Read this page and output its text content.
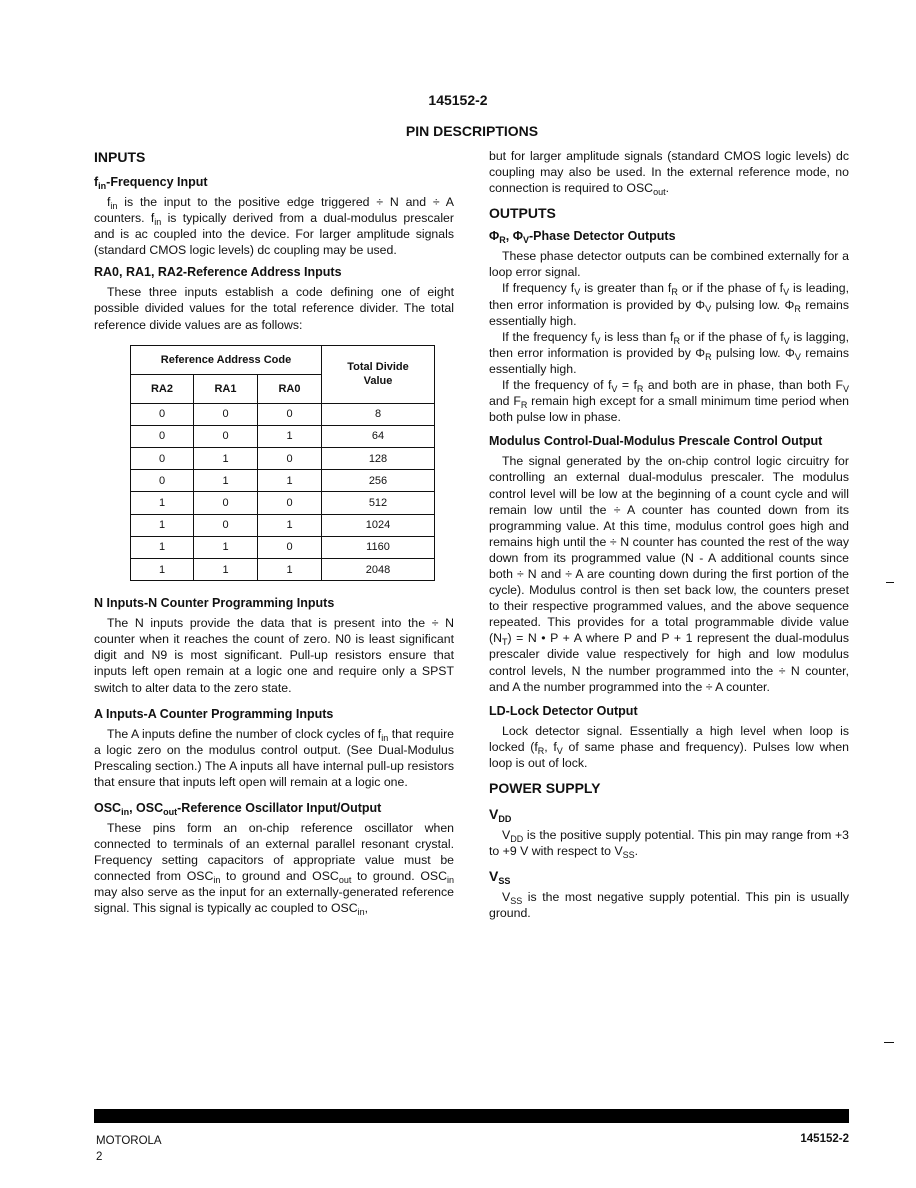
145152-2
PIN DESCRIPTIONS
INPUTS
$f_{in}$-Frequency Input

$f_{in}$ is the input to the positive edge triggered ÷ N and ÷ A counters. $f_{in}$ is typically derived from a dual-modulus prescaler and is ac coupled into the device. For larger amplitude signals (standard CMOS logic levels) dc coupling may be used.

RA0, RA1, RA2-Reference Address Inputs

These three inputs establish a code defining one of eight possible divided values for the total reference divider. The total reference divide values are as follows:

Reference Address Code			Total Divide Value
RA2	RA1	RA0	
0	0	0	8
0	0	1	64
0	1	0	128
0	1	1	256
1	0	0	512
1	0	1	1024
1	1	0	1160
1	1	1	2048
N Inputs-N Counter Programming Inputs

The N inputs provide the data that is present into the ÷ N counter when it reaches the count of zero. N0 is least significant digit and N9 is most significant. Pull-up resistors ensure that inputs left open remain at a logic one and require only a SPST switch to alter data to the zero state.

A Inputs-A Counter Programming Inputs

The A inputs define the number of clock cycles of $f_{in}$ that require a logic zero on the modulus control output. (See Dual-Modulus Prescaling section.) The A inputs all have internal pull-up resistors that ensure that inputs left open will remain at a logic one.

$OSC_{in}$, $OSC_{out}$-Reference Oscillator Input/Output

These pins form an on-chip reference oscillator when connected to terminals of an external parallel resonant crystal. Frequency setting capacitors of appropriate value must be connected from $OSC_{in}$ to ground and $OSC_{out}$ to ground. $OSC_{in}$ may also serve as the input for an externally-generated reference signal. This signal is typically ac coupled to $OSC_{in}$,

but for larger amplitude signals (standard CMOS logic levels) dc coupling may also be used. In the external reference mode, no connection is required to $OSC_{out}$.

OUTPUTS
$\Phi_R$, $\Phi_V$-Phase Detector Outputs

These phase detector outputs can be combined externally for a loop error signal.

If frequency $f_V$ is greater than $f_R$ or if the phase of $f_V$ is leading, then error information is provided by $\Phi_V$ pulsing low. $\Phi_R$ remains essentially high.

If the frequency $f_V$ is less than $f_R$ or if the phase of $f_V$ is lagging, then error information is provided by $\Phi_R$ pulsing low. $\Phi_V$ remains essentially high.

If the frequency of $f_V = f_R$ and both are in phase, than both $F_V$ and $F_R$ remain high except for a small minimum time period when both pulse low in phase.

Modulus Control-Dual-Modulus Prescale Control Output

The signal generated by the on-chip control logic circuitry for controlling an external dual-modulus prescaler. The modulus control level will be low at the beginning of a count cycle and will remain low until the ÷ A counter has counted down from its programming value. At this time, modulus control goes high and remains high until the ÷ N counter has counted the rest of the way down from its programmed value (N - A additional counts since both ÷ N and ÷ A are counting down during the first portion of the cycle). Modulus control is then set back low, the counters preset to their respective programmed values, and the above sequence repeated. This provides for a total programmable divide value $(N_T) = N$ • P + A where P and P + 1 represent the dual-modulus prescaler divide value respectively for high and low modulus control levels, N the number programmed into the ÷ N counter, and A the number programmed into the ÷ A counter.

LD-Lock Detector Output

Lock detector signal. Essentially a high level when loop is locked ($f_R$, $f_V$ of same phase and frequency). Pulses low when loop is out of lock.

POWER SUPPLY
$V_{DD}$

$V_{DD}$ is the positive supply potential. This pin may range from +3 to +9 V with respect to $V_{SS}$.

$V_{SS}$

$V_{SS}$ is the most negative supply potential. This pin is usually ground.

MOTOROLA
2
145152-2
